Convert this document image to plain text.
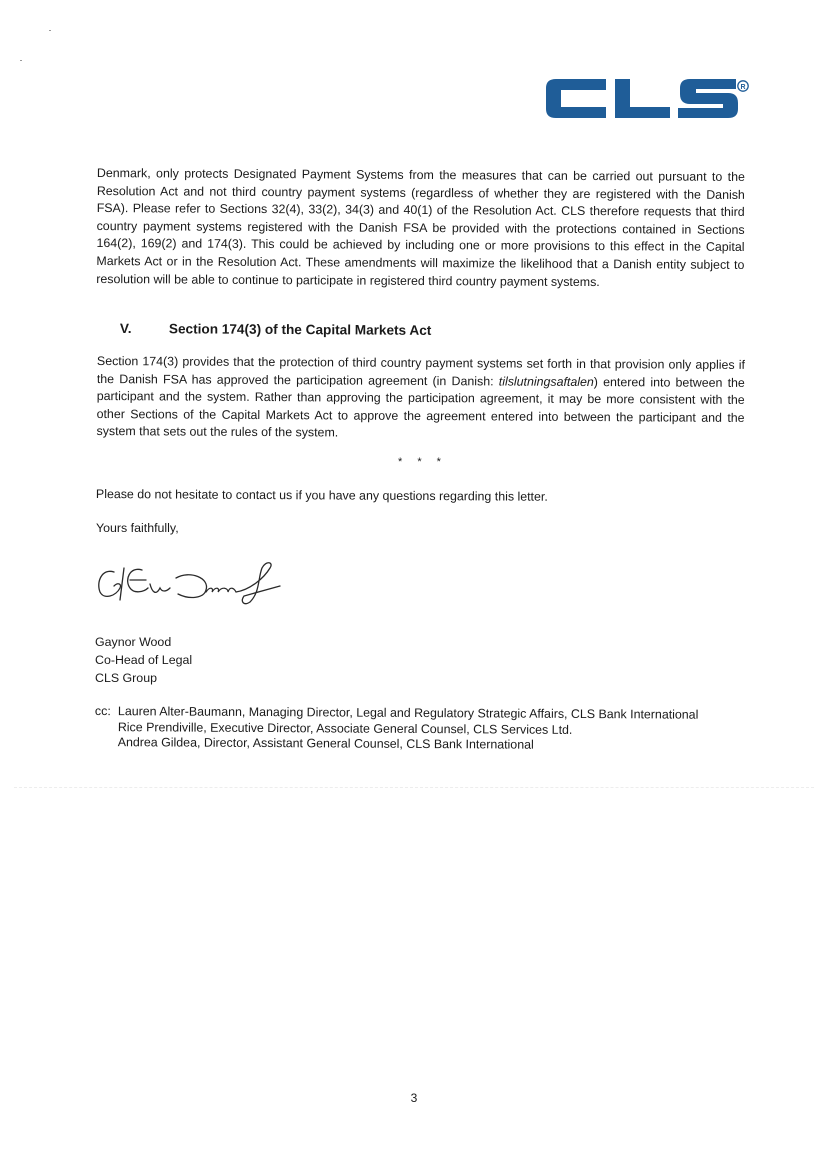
R
Denmark, only protects Designated Payment Systems from the measures that can be carried out pursuant to the Resolution Act and not third country payment systems (regardless of whether they are registered with the Danish FSA). Please refer to Sections 32(4), 33(2), 34(3) and 40(1) of the Resolution Act. CLS therefore requests that third country payment systems registered with the Danish FSA be provided with the protections contained in Sections 164(2), 169(2) and 174(3). This could be achieved by including one or more provisions to this effect in the Capital Markets Act or in the Resolution Act. These amendments will maximize the likelihood that a Danish entity subject to resolution will be able to continue to participate in registered third country payment systems.
V.	Section 174(3) of the Capital Markets Act
Section 174(3) provides that the protection of third country payment systems set forth in that provision only applies if the Danish FSA has approved the participation agreement (in Danish: tilslutningsaftalen) entered into between the participant and the system. Rather than approving the participation agreement, it may be more consistent with the other Sections of the Capital Markets Act to approve the agreement entered into between the participant and the system that sets out the rules of the system.
* * *
Please do not hesitate to contact us if you have any questions regarding this letter.
Yours faithfully,
Gaynor Wood
Co-Head of Legal
CLS Group
cc: Lauren Alter-Baumann, Managing Director, Legal and Regulatory Strategic Affairs, CLS Bank International
Rice Prendiville, Executive Director, Associate General Counsel, CLS Services Ltd.
Andrea Gildea, Director, Assistant General Counsel, CLS Bank International
3
